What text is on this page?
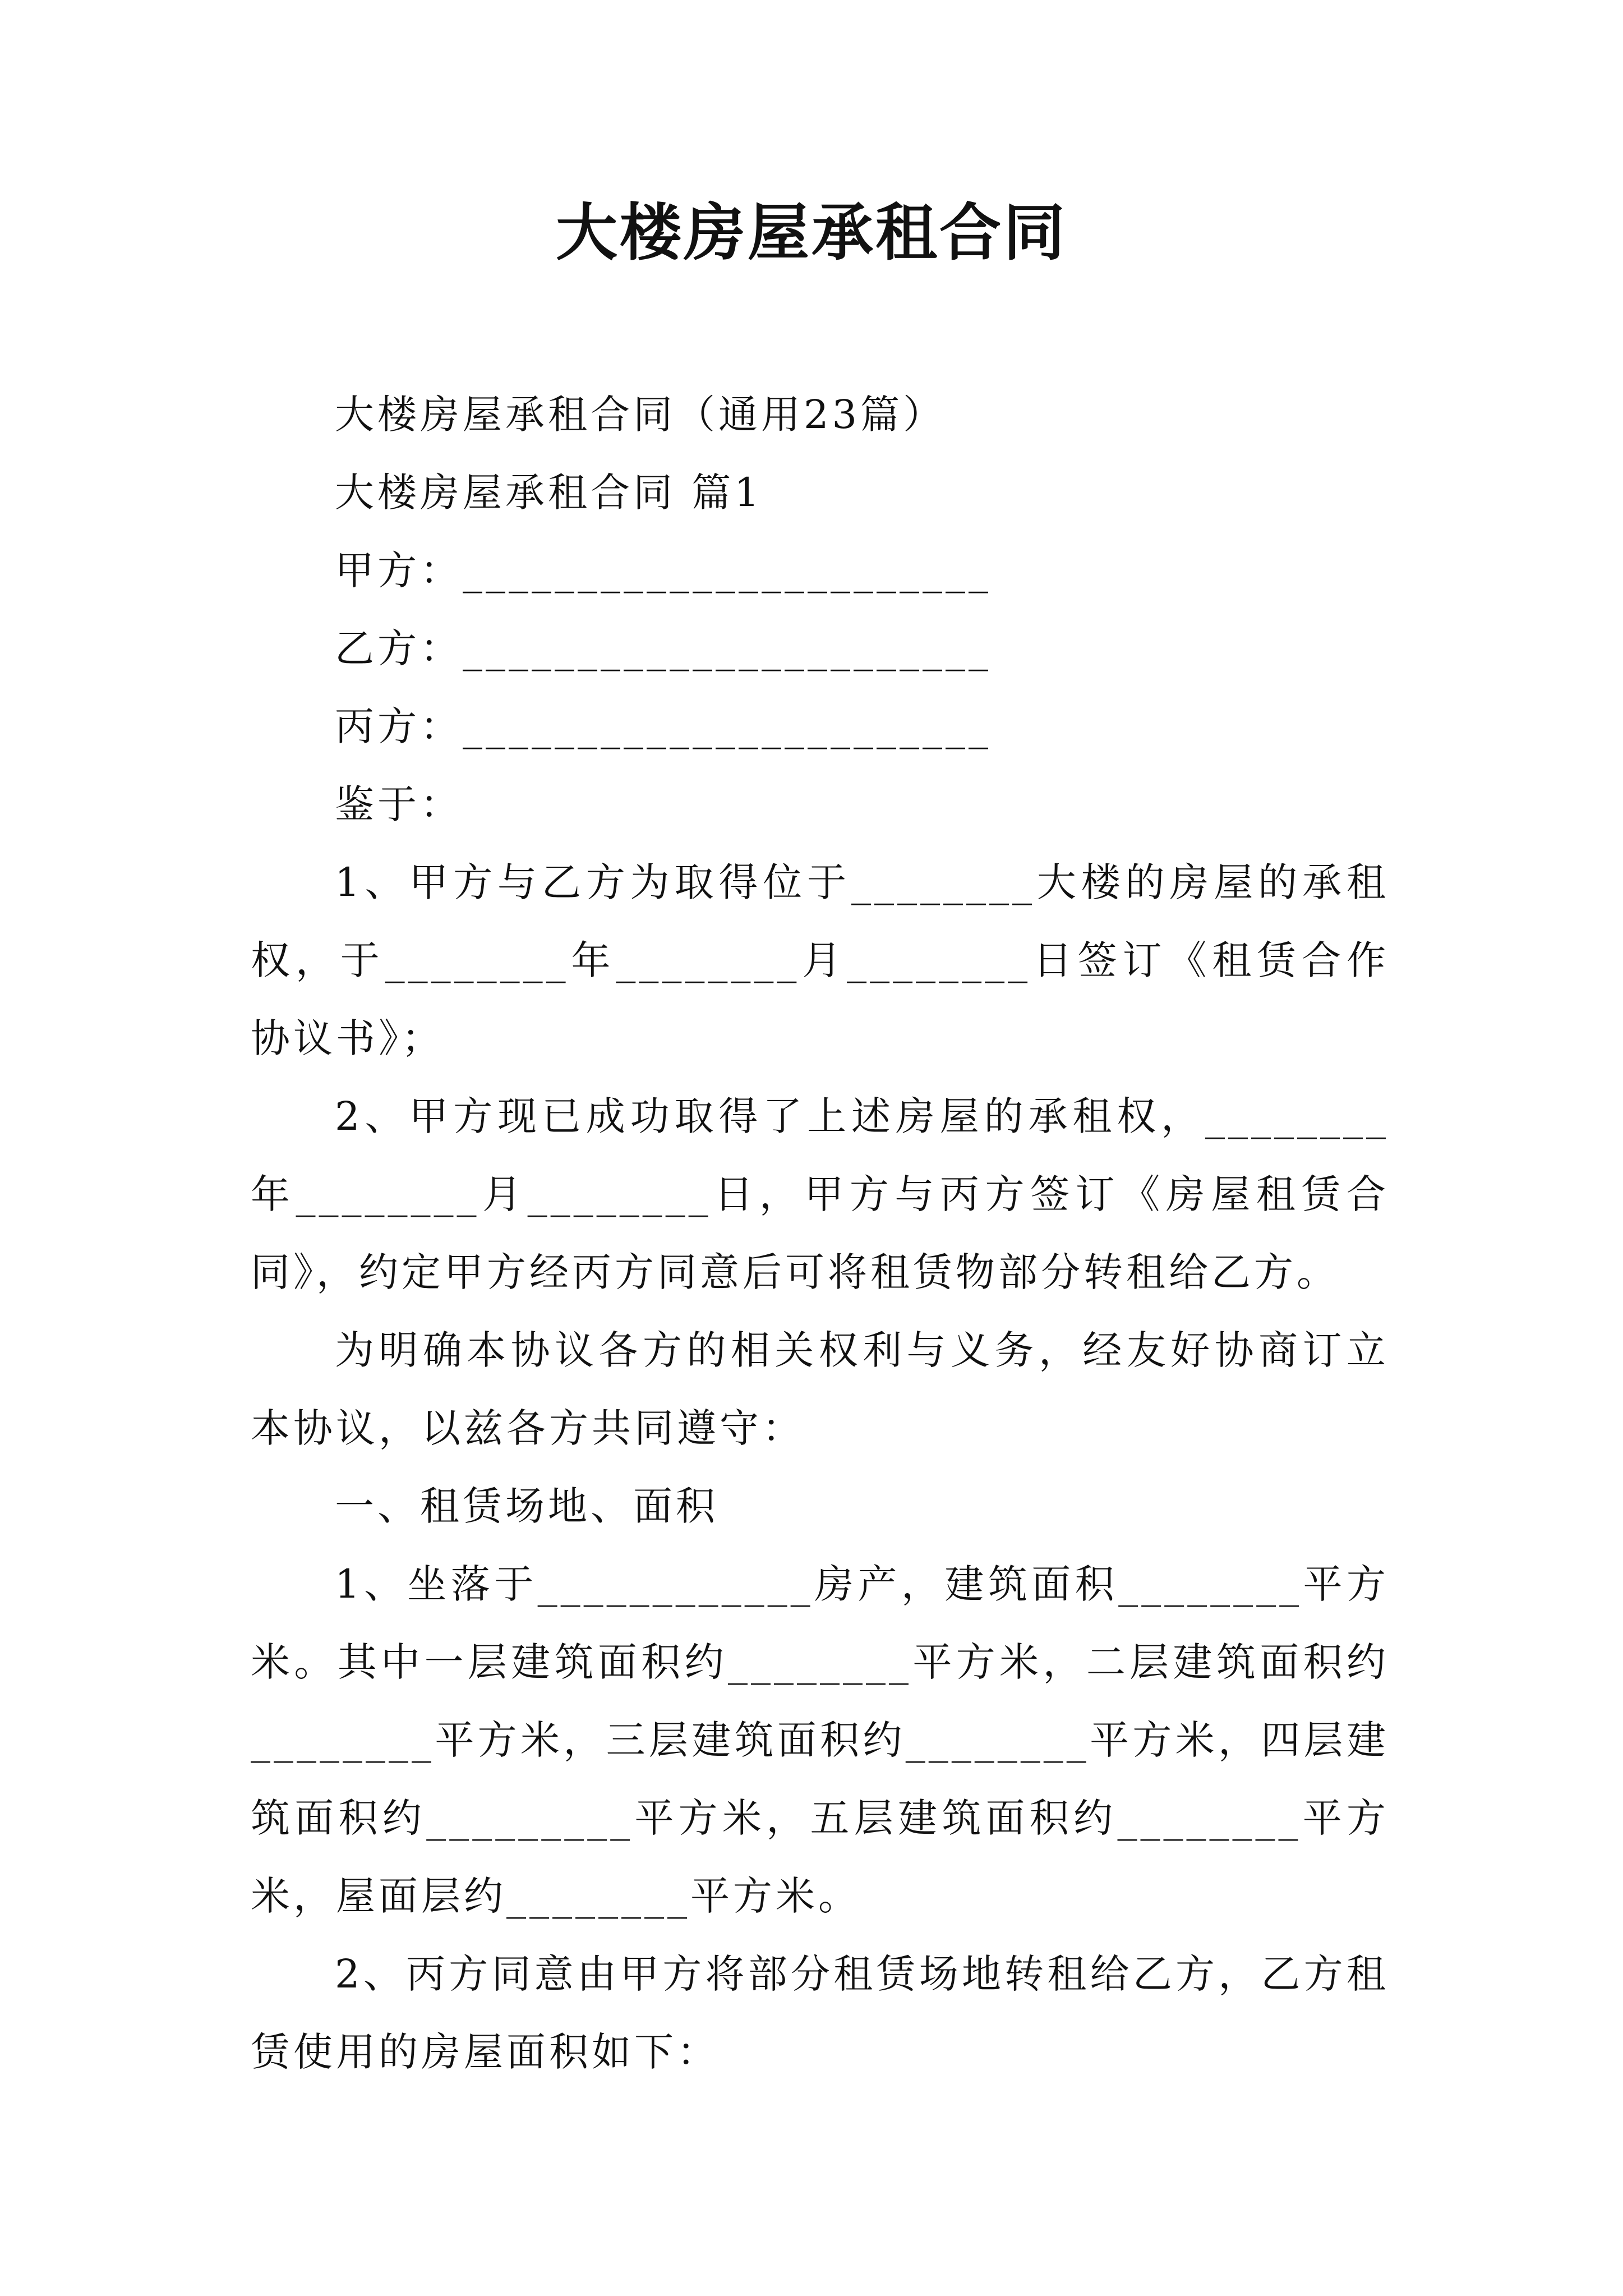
大楼房屋承租合同

大楼房屋承租合同（通用23篇）

大楼房屋承租合同 篇1

甲方：_______________________

乙方：_______________________

丙方：_______________________

鉴于：

1、甲方与乙方为取得位于________大楼的房屋的承租权，于________年________月________日签订《租赁合作协议书》；

2、甲方现已成功取得了上述房屋的承租权，________年________月________日，甲方与丙方签订《房屋租赁合同》，约定甲方经丙方同意后可将租赁物部分转租给乙方。

为明确本协议各方的相关权利与义务，经友好协商订立本协议，以兹各方共同遵守：

一、租赁场地、面积

1、坐落于____________房产，建筑面积________平方米。其中一层建筑面积约________平方米，二层建筑面积约________平方米，三层建筑面积约________平方米，四层建筑面积约_________平方米，五层建筑面积约________平方米，屋面层约________平方米。

2、丙方同意由甲方将部分租赁场地转租给乙方，乙方租赁使用的房屋面积如下：
